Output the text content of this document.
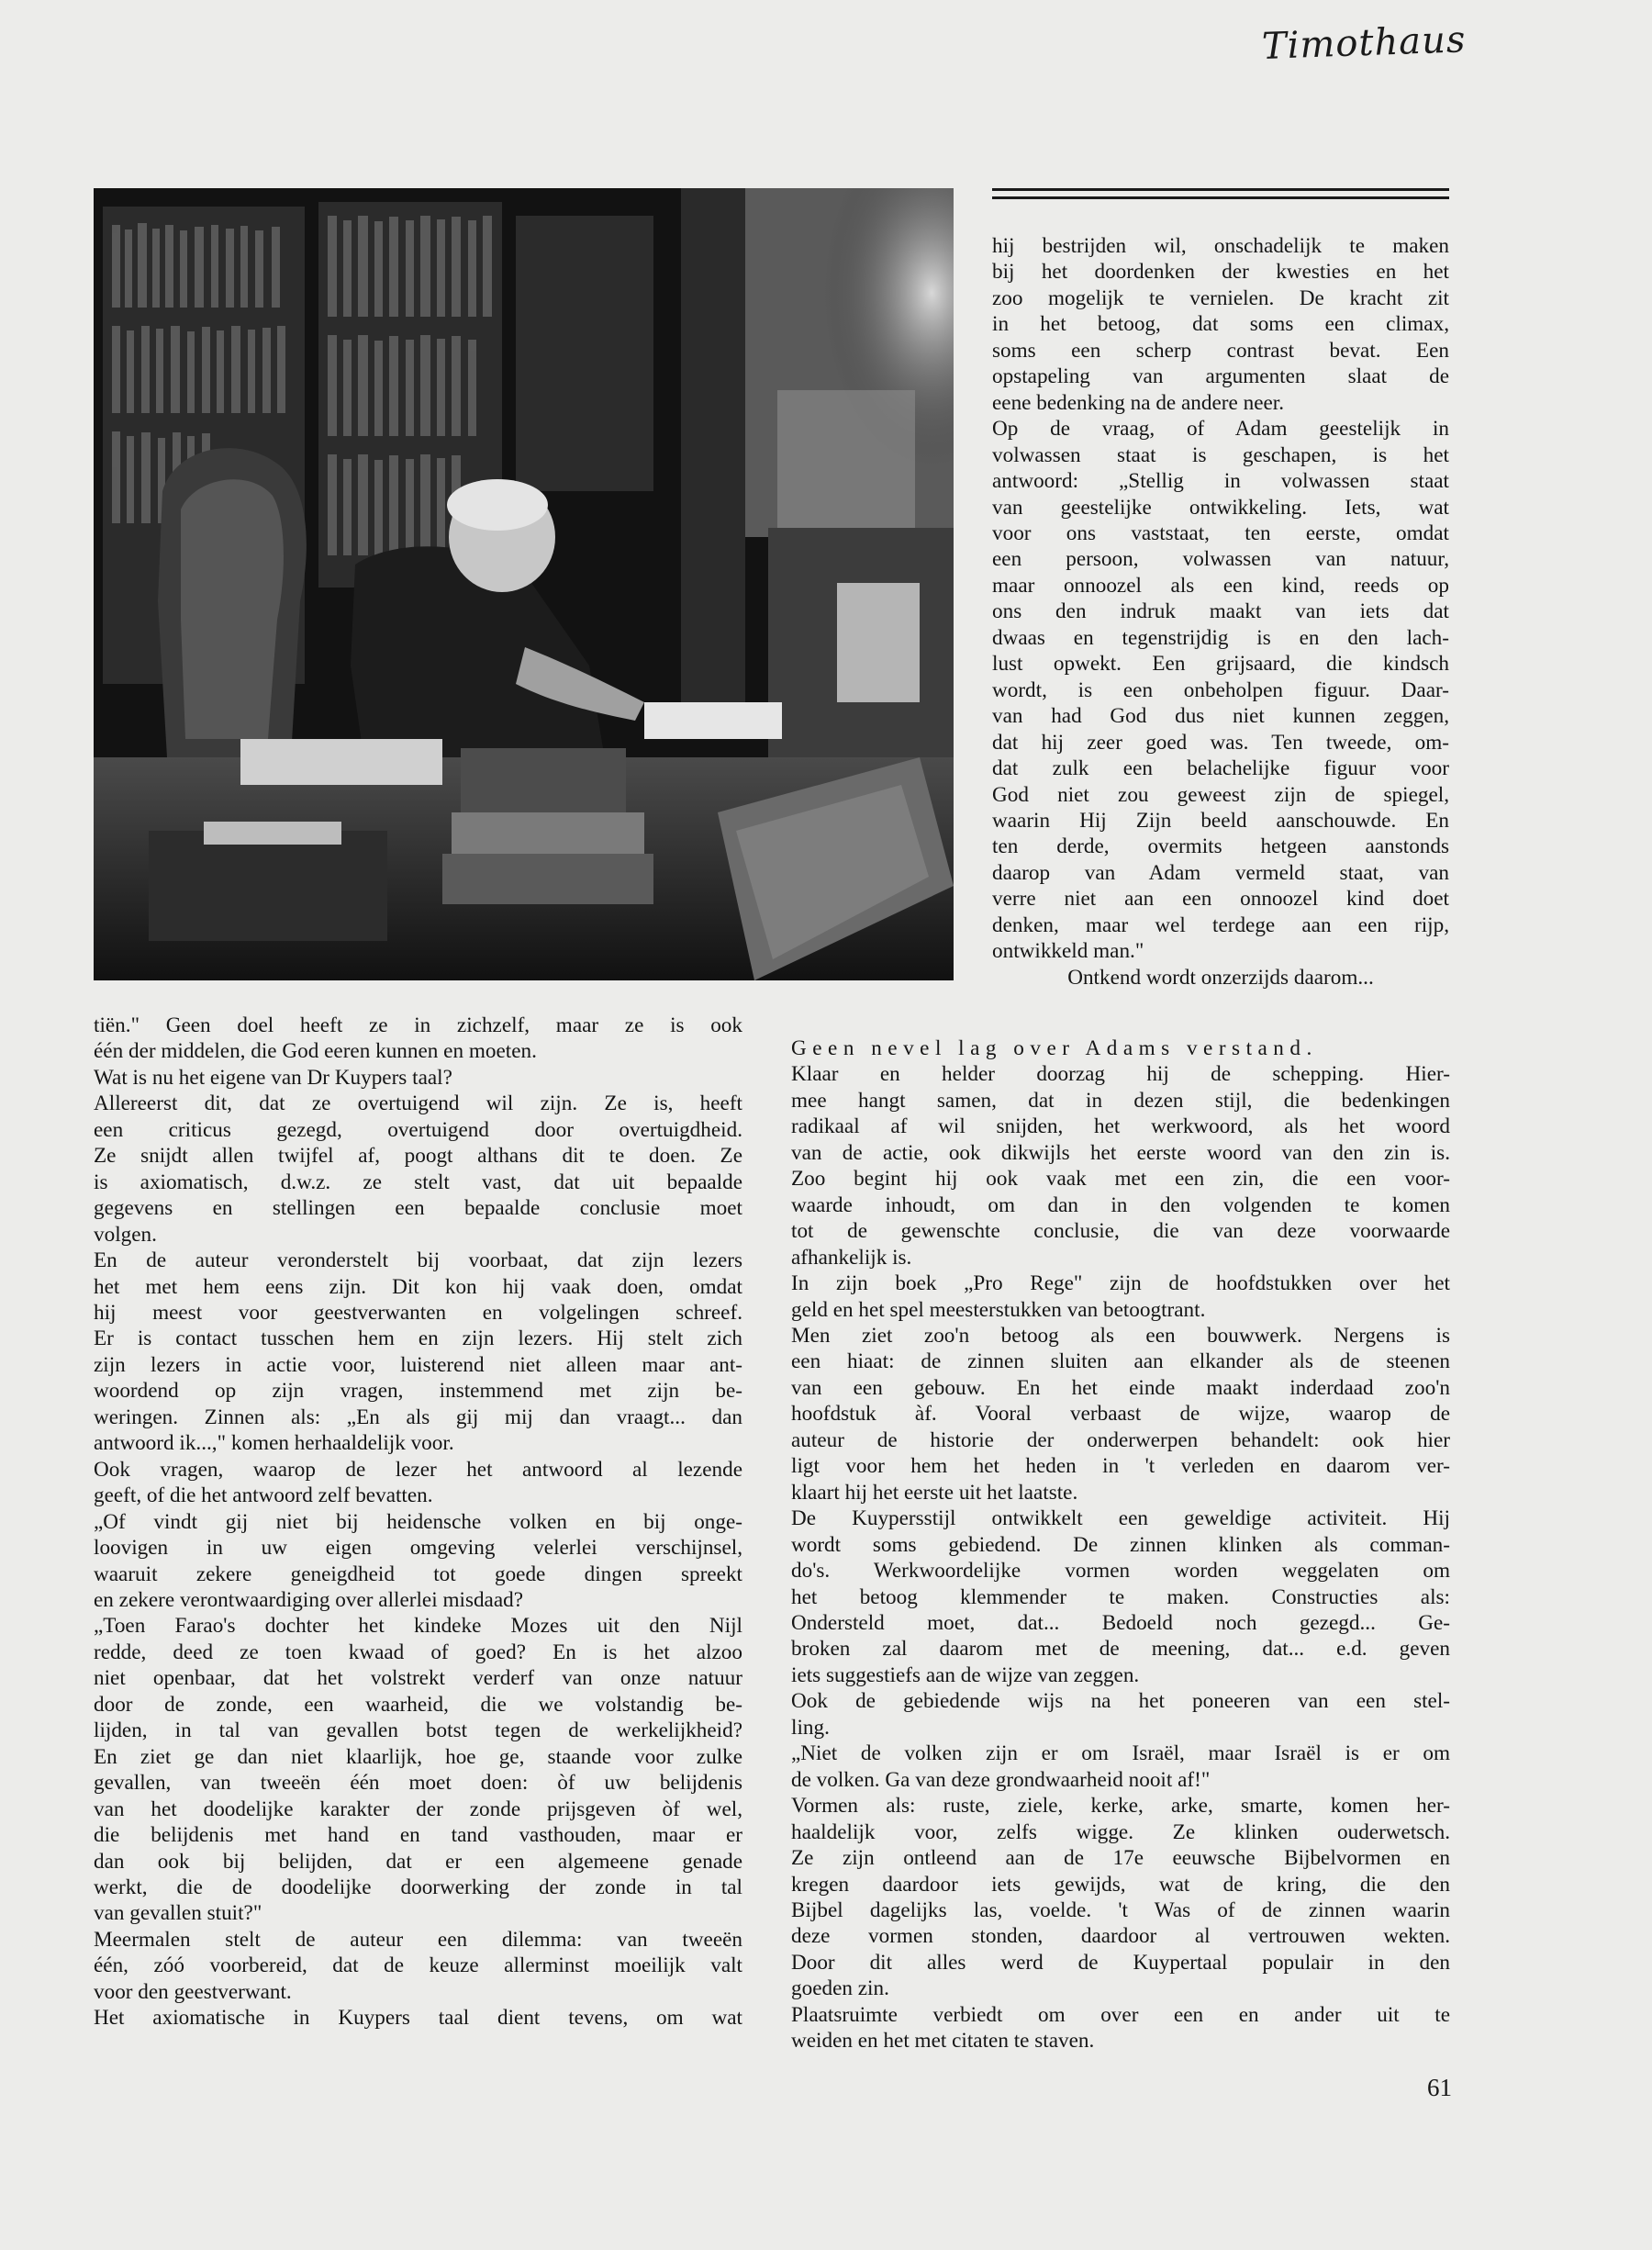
Timothaus

hij bestrijden wil, onschadelijk te maken

bij het doordenken der kwesties en het

zoo mogelijk te vernielen. De kracht zit

in het betoog, dat soms een climax,

soms een scherp contrast bevat. Een

opstapeling van argumenten slaat de

eene bedenking na de andere neer.

Op de vraag, of Adam geestelijk in

volwassen staat is geschapen, is het

antwoord: „Stellig in volwassen staat

van geestelijke ontwikkeling. Iets, wat

voor ons vaststaat, ten eerste, omdat

een persoon, volwassen van natuur,

maar onnoozel als een kind, reeds op

ons den indruk maakt van iets dat

dwaas en tegenstrijdig is en den lach-

lust opwekt. Een grijsaard, die kindsch

wordt, is een onbeholpen figuur. Daar-

van had God dus niet kunnen zeggen,

dat hij zeer goed was. Ten tweede, om-

dat zulk een belachelijke figuur voor

God niet zou geweest zijn de spiegel,

waarin Hij Zijn beeld aanschouwde. En

ten derde, overmits hetgeen aanstonds

daarop van Adam vermeld staat, van

verre niet aan een onnoozel kind doet

denken, maar wel terdege aan een rijp,

ontwikkeld man."

Ontkend wordt onzerzijds daarom...

tiën." Geen doel heeft ze in zichzelf, maar ze is ook

één der middelen, die God eeren kunnen en moeten.

Wat is nu het eigene van Dr Kuypers taal?

Allereerst dit, dat ze overtuigend wil zijn. Ze is, heeft

een criticus gezegd, overtuigend door overtuigdheid.

Ze snijdt allen twijfel af, poogt althans dit te doen. Ze

is axiomatisch, d.w.z. ze stelt vast, dat uit bepaalde

gegevens en stellingen een bepaalde conclusie moet

volgen.

En de auteur veronderstelt bij voorbaat, dat zijn lezers

het met hem eens zijn. Dit kon hij vaak doen, omdat

hij meest voor geestverwanten en volgelingen schreef.

Er is contact tusschen hem en zijn lezers. Hij stelt zich

zijn lezers in actie voor, luisterend niet alleen maar ant-

woordend op zijn vragen, instemmend met zijn be-

weringen. Zinnen als: „En als gij mij dan vraagt... dan

antwoord ik...," komen herhaaldelijk voor.

Ook vragen, waarop de lezer het antwoord al lezende

geeft, of die het antwoord zelf bevatten.

„Of vindt gij niet bij heidensche volken en bij onge-

loovigen in uw eigen omgeving velerlei verschijnsel,

waaruit zekere geneigdheid tot goede dingen spreekt

en zekere verontwaardiging over allerlei misdaad?

„Toen Farao's dochter het kindeke Mozes uit den Nijl

redde, deed ze toen kwaad of goed? En is het alzoo

niet openbaar, dat het volstrekt verderf van onze natuur

door de zonde, een waarheid, die we volstandig be-

lijden, in tal van gevallen botst tegen de werkelijkheid?

En ziet ge dan niet klaarlijk, hoe ge, staande voor zulke

gevallen, van tweeën één moet doen: òf uw belijdenis

van het doodelijke karakter der zonde prijsgeven òf wel,

die belijdenis met hand en tand vasthouden, maar er

dan ook bij belijden, dat er een algemeene genade

werkt, die de doodelijke doorwerking der zonde in tal

van gevallen stuit?"

Meermalen stelt de auteur een dilemma: van tweeën

één, zóó voorbereid, dat de keuze allerminst moeilijk valt

voor den geestverwant.

Het axiomatische in Kuypers taal dient tevens, om wat

Geen nevel lag over Adams verstand.

Klaar en helder doorzag hij de schepping. Hier-

mee hangt samen, dat in dezen stijl, die bedenkingen

radikaal af wil snijden, het werkwoord, als het woord

van de actie, ook dikwijls het eerste woord van den zin is.

Zoo begint hij ook vaak met een zin, die een voor-

waarde inhoudt, om dan in den volgenden te komen

tot de gewenschte conclusie, die van deze voorwaarde

afhankelijk is.

In zijn boek „Pro Rege" zijn de hoofdstukken over het

geld en het spel meesterstukken van betoogtrant.

Men ziet zoo'n betoog als een bouwwerk. Nergens is

een hiaat: de zinnen sluiten aan elkander als de steenen

van een gebouw. En het einde maakt inderdaad zoo'n

hoofdstuk àf. Vooral verbaast de wijze, waarop de

auteur de historie der onderwerpen behandelt: ook hier

ligt voor hem het heden in 't verleden en daarom ver-

klaart hij het eerste uit het laatste.

De Kuypersstijl ontwikkelt een geweldige activiteit. Hij

wordt soms gebiedend. De zinnen klinken als comman-

do's. Werkwoordelijke vormen worden weggelaten om

het betoog klemmender te maken. Constructies als:

Ondersteld moet, dat... Bedoeld noch gezegd... Ge-

broken zal daarom met de meening, dat... e.d. geven

iets suggestiefs aan de wijze van zeggen.

Ook de gebiedende wijs na het poneeren van een stel-

ling.

„Niet de volken zijn er om Israël, maar Israël is er om

de volken. Ga van deze grondwaarheid nooit af!"

Vormen als: ruste, ziele, kerke, arke, smarte, komen her-

haaldelijk voor, zelfs wigge. Ze klinken ouderwetsch.

Ze zijn ontleend aan de 17e eeuwsche Bijbelvormen en

kregen daardoor iets gewijds, wat de kring, die den

Bijbel dagelijks las, voelde. 't Was of de zinnen waarin

deze vormen stonden, daardoor al vertrouwen wekten.

Door dit alles werd de Kuypertaal populair in den

goeden zin.

Plaatsruimte verbiedt om over een en ander uit te

weiden en het met citaten te staven.

61
